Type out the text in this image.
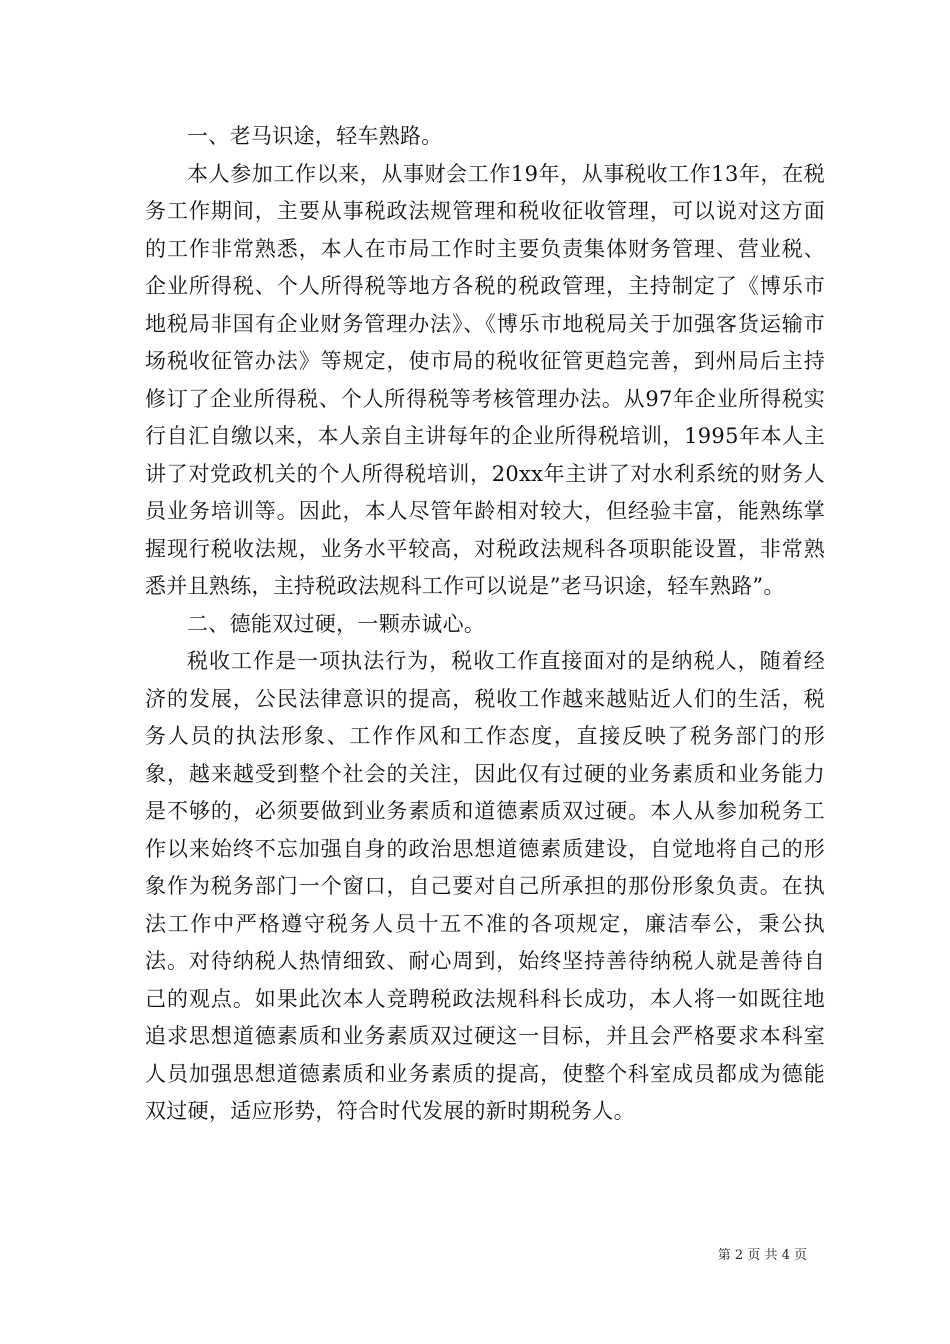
一、老马识途，轻车熟路。

本人参加工作以来，从事财会工作19年，从事税收工作13年，在税务工作期间，主要从事税政法规管理和税收征收管理，可以说对这方面的工作非常熟悉，本人在市局工作时主要负责集体财务管理、营业税、企业所得税、个人所得税等地方各税的税政管理，主持制定了《博乐市地税局非国有企业财务管理办法》、《博乐市地税局关于加强客货运输市场税收征管办法》等规定，使市局的税收征管更趋完善，到州局后主持修订了企业所得税、个人所得税等考核管理办法。从97年企业所得税实行自汇自缴以来，本人亲自主讲每年的企业所得税培训，1995年本人主讲了对党政机关的个人所得税培训，20xx年主讲了对水利系统的财务人员业务培训等。因此，本人尽管年龄相对较大，但经验丰富，能熟练掌握现行税收法规，业务水平较高，对税政法规科各项职能设置，非常熟悉并且熟练，主持税政法规科工作可以说是”老马识途，轻车熟路”。

二、德能双过硬，一颗赤诚心。

税收工作是一项执法行为，税收工作直接面对的是纳税人，随着经济的发展，公民法律意识的提高，税收工作越来越贴近人们的生活，税务人员的执法形象、工作作风和工作态度，直接反映了税务部门的形象，越来越受到整个社会的关注，因此仅有过硬的业务素质和业务能力是不够的，必须要做到业务素质和道德素质双过硬。本人从参加税务工作以来始终不忘加强自身的政治思想道德素质建设，自觉地将自己的形象作为税务部门一个窗口，自己要对自己所承担的那份形象负责。在执法工作中严格遵守税务人员十五不准的各项规定，廉洁奉公，秉公执法。对待纳税人热情细致、耐心周到，始终坚持善待纳税人就是善待自己的观点。如果此次本人竞聘税政法规科科长成功，本人将一如既往地追求思想道德素质和业务素质双过硬这一目标，并且会严格要求本科室人员加强思想道德素质和业务素质的提高，使整个科室成员都成为德能双过硬，适应形势，符合时代发展的新时期税务人。

第 2 页 共 4 页
